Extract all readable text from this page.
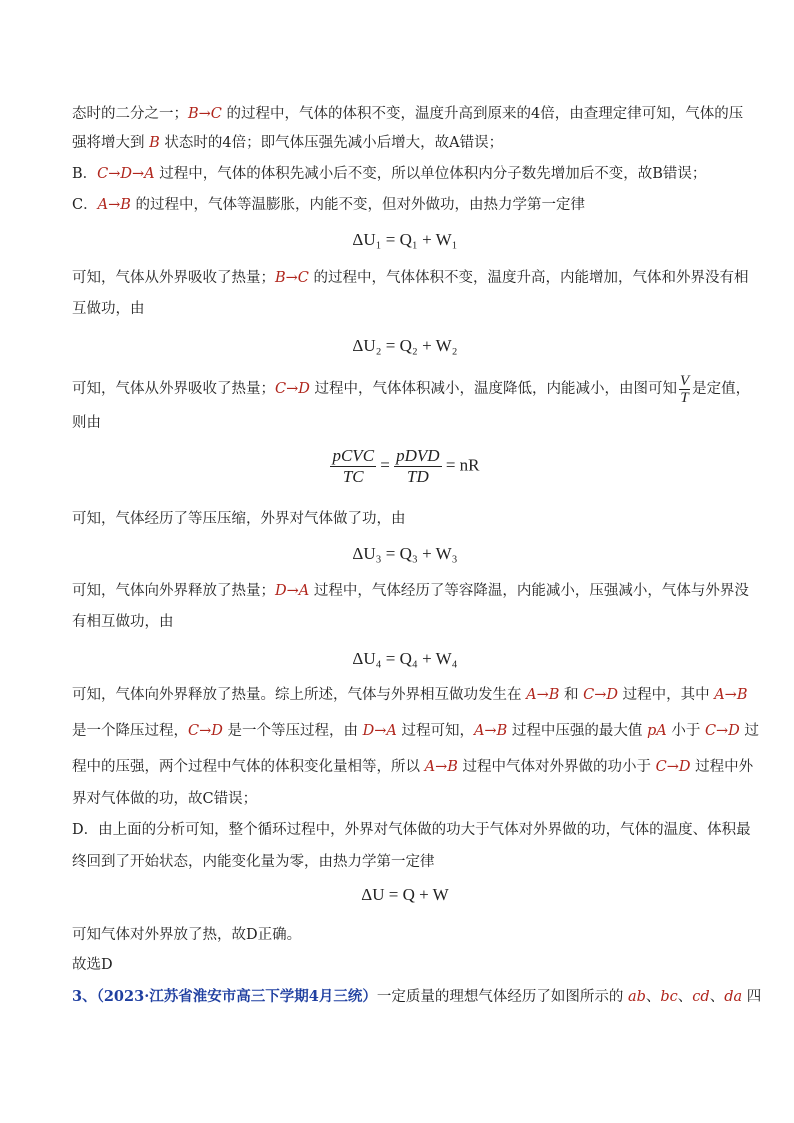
态时的二分之一；B→C 的过程中，气体的体积不变，温度升高到原来的4倍，由查理定律可知，气体的压
强将增大到 B 状态时的4倍；即气体压强先减小后增大，故A错误；
B．C→D→A 过程中，气体的体积先减小后不变，所以单位体积内分子数先增加后不变，故B错误；
C．A→B 的过程中，气体等温膨胀，内能不变，但对外做功，由热力学第一定律
ΔU₁ = Q₁ + W₁
可知，气体从外界吸收了热量；B→C 的过程中，气体体积不变，温度升高，内能增加，气体和外界没有相
互做功，由
ΔU₂ = Q₂ + W₂
可知，气体从外界吸收了热量；C→D 过程中，气体体积减小，温度降低，内能减小，由图可知 $\frac{V}{T}$ 是定值，
则由
$\frac{\text{pCVC}}{TC} = \frac{\text{pDVD}}{TD}$ = nR
可知，气体经历了等压压缩，外界对气体做了功，由
ΔU₃ = Q₃ + W₃
可知，气体向外界释放了热量；D→A 过程中，气体经历了等容降温，内能减小，压强减小，气体与外界没
有相互做功，由
ΔU₄ = Q₄ + W₄
可知，气体向外界释放了热量。综上所述，气体与外界相互做功发生在 A→B 和 C→D 过程中，其中 A→B
是一个降压过程，C→D 是一个等压过程，由 D→A 过程可知，A→B 过程中压强的最大值 pA 小于 C→D 过
程中的压强，两个过程中气体的体积变化量相等，所以 A→B 过程中气体对外界做的功小于 C→D 过程中外
界对气体做的功，故C错误；
D．由上面的分析可知，整个循环过程中，外界对气体做的功大于气体对外界做的功，气体的温度、体积最
终回到了开始状态，内能变化量为零，由热力学第一定律
ΔU = Q + W
可知气体对外界放了热，故D正确。
故选D
3、（2023·江苏省淮安市高三下学期4月三统）一定质量的理想气体经历了如图所示的 ab、bc、cd、da 四
